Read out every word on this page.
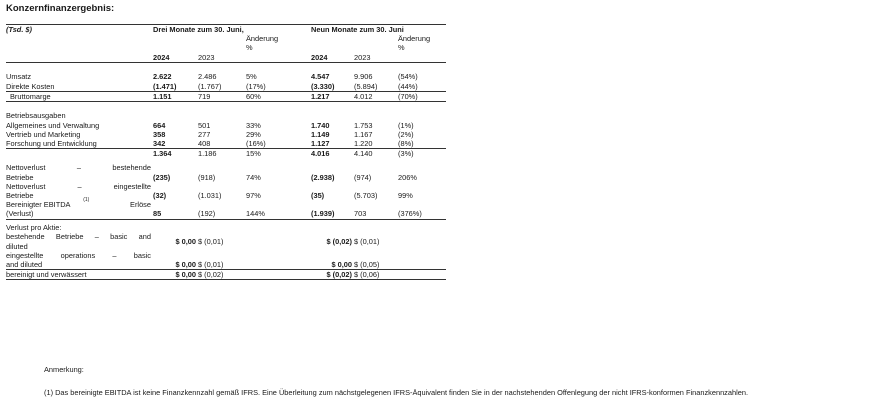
Konzernfinanzergebnis:
(Tsd. $)	Drei Monate zum 30. Juni,			Neun Monate zum 30. Juni		
			Änderung			Änderung
			%			%
	2024	2023		2024	2023	

Umsatz	2.622	2.486	5%	4.547	9.906	(54%)
Direkte Kosten	(1.471)	(1.767)	(17%)	(3.330)	(5.894)	(44%)
Bruttomarge	1.151	719	60%	1.217	4.012	(70%)

Betriebsausgaben						
Allgemeines und Verwaltung	664	501	33%	1.740	1.753	(1%)
Vertrieb und Marketing	358	277	29%	1.149	1.167	(2%)
Forschung und Entwicklung	342	408	(16%)	1.127	1.220	(8%)
	1.364	1.186	15%	4.016	4.140	(3%)

Nettoverlust – bestehende						
Betriebe	(235)	(918)	74%	(2.938)	(974)	206%
Nettoverlust – eingestellte						
Betriebe	(32)	(1.031)	97%	(35)	(5.703)	99%

Bereinigter EBITDA	(1)	Erlöse

(Verlust)	85	(192)	144%	(1.939)	703	(376%)

Verlust pro Aktie:						
bestehende Betriebe – basic and						
diluted	$ 0,00	$ (0,01)		$ (0,02)	$ (0,01)	
eingestellte operations – basic						
and diluted	$ 0,00	$ (0,01)		$ 0,00	$ (0,05)	
bereinigt und verwässert	$ 0,00	$ (0,02)		$ (0,02)	$ (0,06)	
Anmerkung:
(1) Das bereinigte EBITDA ist keine Finanzkennzahl gemäß IFRS. Eine Überleitung zum nächstgelegenen IFRS-Äquivalent finden Sie in der nachstehenden Offenlegung der nicht IFRS-konformen Finanzkennzahlen.
